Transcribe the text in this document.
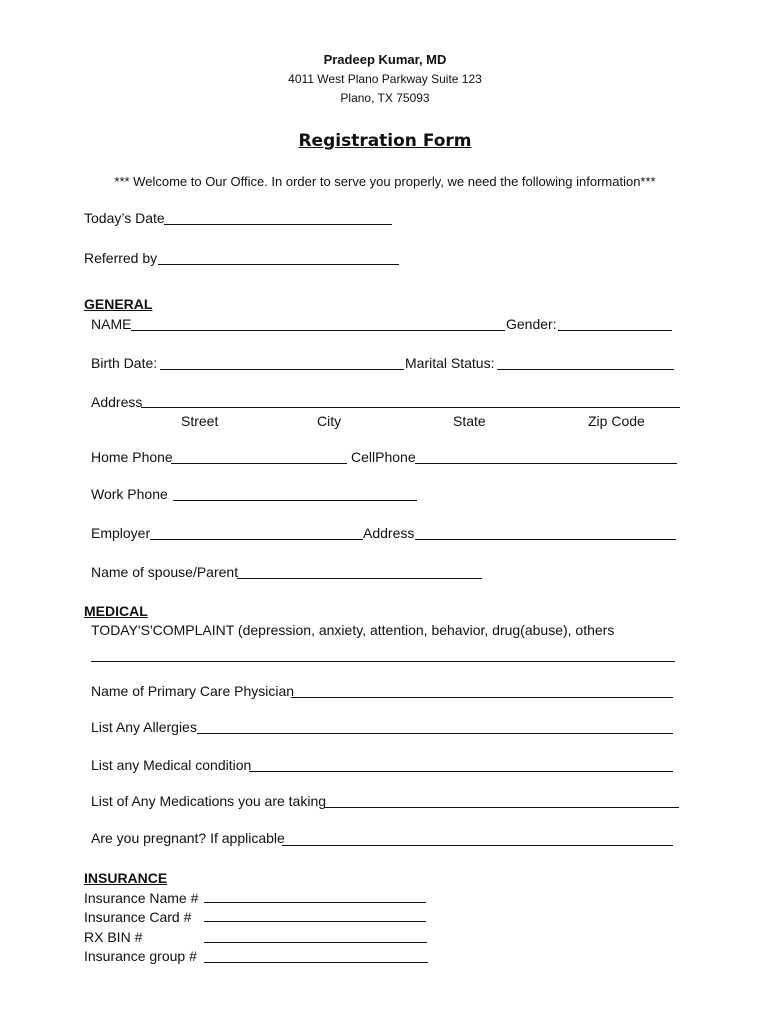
Pradeep Kumar, MD
4011 West Plano Parkway Suite 123
Plano, TX 75093
Registration Form
*** Welcome to Our Office. In order to serve you properly, we need the following information***
Today’s Date
Referred by
GENERAL
NAME	Gender:
Birth Date:	Marital Status:
Address
Street	City	State	Zip Code
Home Phone	CellPhone
Work Phone
Employer	Address
Name of spouse/Parent
MEDICAL
TODAY'S'COMPLAINT (depression, anxiety, attention, behavior, drug(abuse), others
Name of Primary Care Physician
List Any Allergies
List any Medical condition
List of Any Medications you are taking
Are you pregnant? If applicable
INSURANCE
Insurance Name #
Insurance Card #
RX BIN #
Insurance group #
